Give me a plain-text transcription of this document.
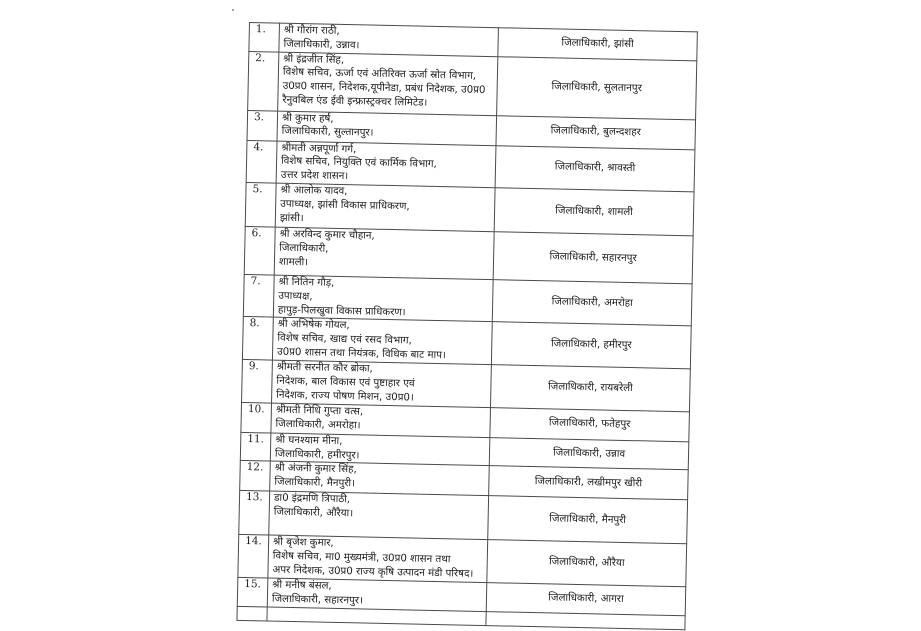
1.	श्री गौरांग राठी,
जिलाधिकारी, उन्नाव।	जिलाधिकारी, झांसी
2.	श्री इंद्रजीत सिंह,
विशेष सचिव, ऊर्जा एवं अतिरिक्त ऊर्जा स्रोत विभाग,
उ0प्र0 शासन, निदेशक,यूपीनेडा, प्रबंध निदेशक, उ0प्र0
रैनुवबिल एंड ईवी इन्फ्रास्ट्रक्चर लिमिटेड।	जिलाधिकारी, सुलतानपुर
3.	श्री कुमार हर्ष,
जिलाधिकारी, सुल्तानपुर।	जिलाधिकारी, बुलन्दशहर
4.	श्रीमती अन्नपूर्णा गर्ग,
विशेष सचिव, नियुक्ति एवं कार्मिक विभाग,
उत्तर प्रदेश शासन।	जिलाधिकारी, श्रावस्ती
5.	श्री आलोक यादव,
उपाध्यक्ष, झांसी विकास प्राधिकरण,
झांसी।	जिलाधिकारी, शामली
6.	श्री अरविन्द कुमार चौहान,
जिलाधिकारी,
शामली।	जिलाधिकारी, सहारनपुर
7.	श्री नितिन गौड़,
उपाध्यक्ष,
हापुड़-पिलखुवा विकास प्राधिकरण।	जिलाधिकारी, अमरोहा
8.	श्री अभिषेक गोयल,
विशेष सचिव, खाद्य एवं रसद विभाग,
उ0प्र0 शासन तथा नियंत्रक, विधिक बाट माप।	जिलाधिकारी, हमीरपुर
9.	श्रीमती सरनीत कौर ब्रोका,
निदेशक, बाल विकास एवं पुष्टाहार एवं
निदेशक, राज्य पोषण मिशन, उ0प्र0।	जिलाधिकारी, रायबरेली
10.	श्रीमती निधि गुप्ता वत्स,
जिलाधिकारी, अमरोहा।	जिलाधिकारी, फतेहपुर
11.	श्री घनश्याम मीना,
जिलाधिकारी, हमीरपुर।	जिलाधिकारी, उन्नाव
12.	श्री अंजनी कुमार सिंह,
जिलाधिकारी, मैनपुरी।	जिलाधिकारी, लखीमपुर खीरी
13.	डा0 इंद्रमणि त्रिपाठी,
जिलाधिकारी, औरैया।	जिलाधिकारी, मैनपुरी
14.	श्री बृजेश कुमार,
विशेष सचिव, मा0 मुख्यमंत्री, उ0प्र0 शासन तथा
अपर निदेशक, उ0प्र0 राज्य कृषि उत्पादन मंडी परिषद।	जिलाधिकारी, औरैया
15.	श्री मनीष बंसल,
जिलाधिकारी, सहारनपुर।	जिलाधिकारी, आगरा
